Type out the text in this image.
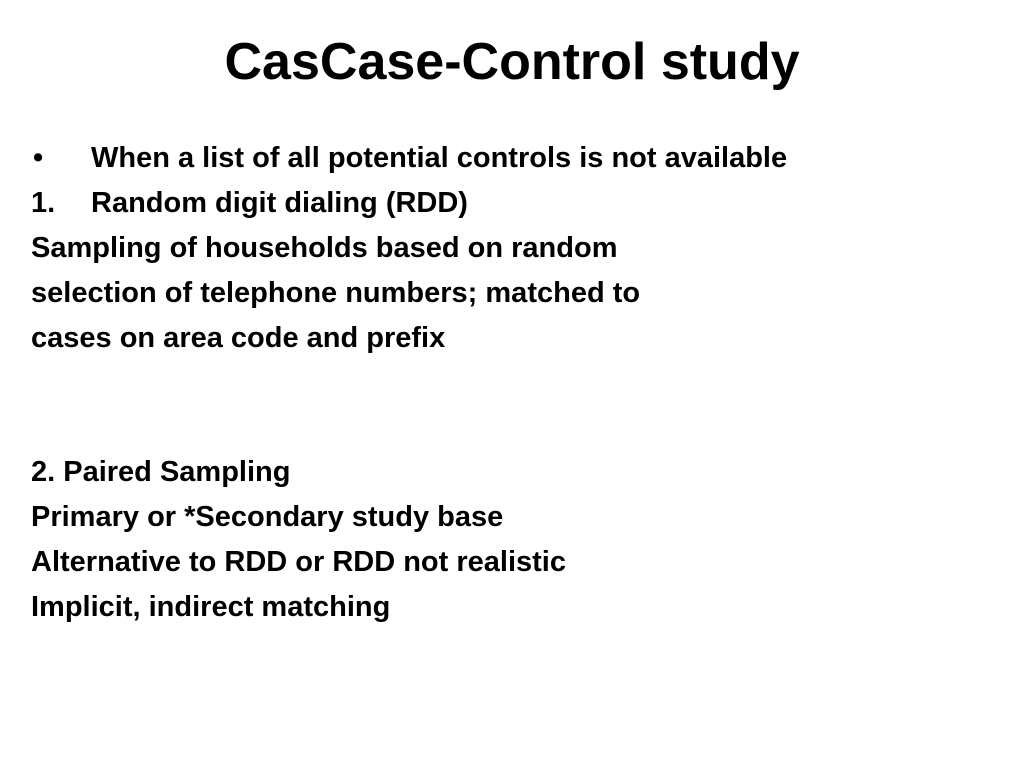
CasCase-Control study
•	When a list of all potential controls is not available
1.	Random digit dialing (RDD)
Sampling of households based on random
selection of telephone numbers; matched to
cases on area code and prefix
2. Paired Sampling
Primary or *Secondary study base
Alternative to RDD or RDD not realistic
Implicit, indirect matching
